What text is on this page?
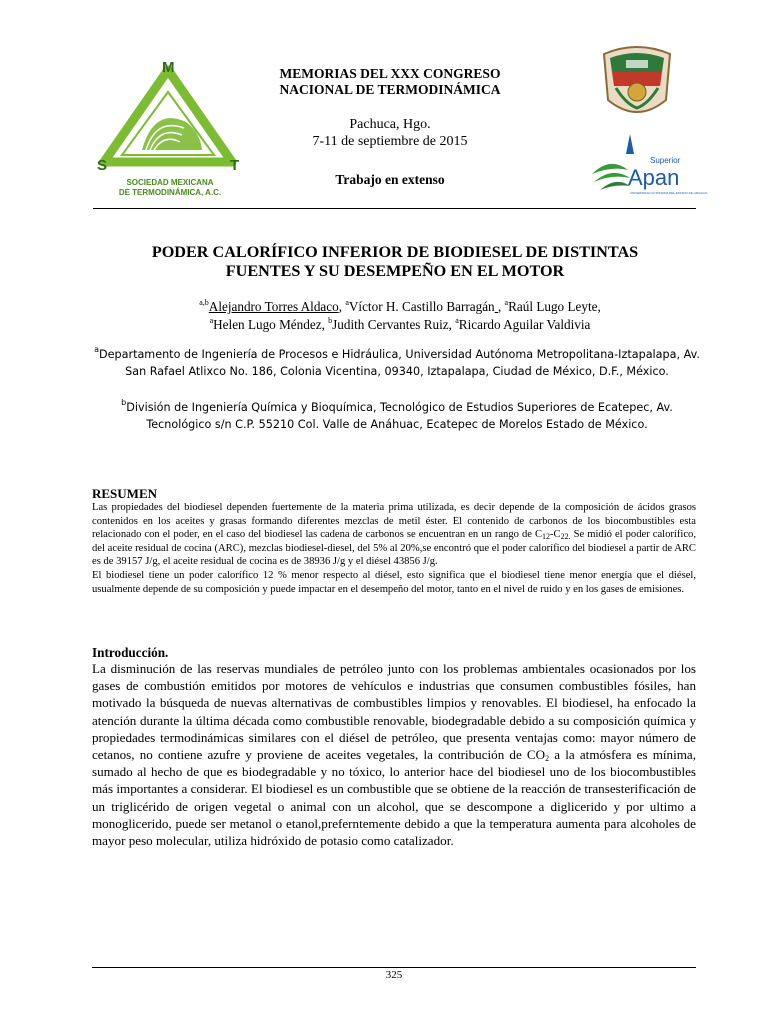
M
S	T
SOCIEDAD MEXICANA
DE TERMODINÁMICA, A.C.
MEMORIAS DEL XXX CONGRESO
NACIONAL DE TERMODINÁMICA
Pachuca, Hgo.
7-11 de septiembre de 2015
Trabajo en extenso
Superior
Apan
UNIVERSIDAD AUTÓNOMA DEL ESTADO DE HIDALGO
PODER CALORÍFICO INFERIOR DE BIODIESEL DE DISTINTAS
FUENTES Y SU DESEMPEÑO EN EL MOTOR
$^{a,b}$Alejandro Torres Aldaco, $^a$Víctor H. Castillo Barragán , $^a$Raúl Lugo Leyte,
$^a$Helen Lugo Méndez, $^b$Judith Cervantes Ruiz, $^a$Ricardo Aguilar Valdivia
$^a$Departamento de Ingeniería de Procesos e Hidráulica, Universidad Autónoma Metropolitana-Iztapalapa, Av. San Rafael Atlixco No. 186, Colonia Vicentina, 09340, Iztapalapa, Ciudad de México, D.F., México.
$^b$División de Ingeniería Química y Bioquímica, Tecnológico de Estudios Superiores de Ecatepec, Av. Tecnológico s/n C.P. 55210 Col. Valle de Anáhuac, Ecatepec de Morelos Estado de México.
RESUMEN

Las propiedades del biodiesel dependen fuertemente de la materia prima utilizada, es decir depende de la composición de ácidos grasos contenidos en los aceites y grasas formando diferentes mezclas de metil éster. El contenido de carbonos de los biocombustibles esta relacionado con el poder, en el caso del biodiesel las cadena de carbonos se encuentran en un rango de $C_{12}-C_{22.}$ Se midió el poder calorífico, del aceite residual de cocina (ARC), mezclas biodiesel-diesel, del 5% al 20%,se encontró que el poder calorífico del biodiesel a partir de ARC es de 39157 J/g, el aceite residual de cocina es de 38936 J/g y el diésel 43856 J/g.

El biodiesel tiene un poder calorífico 12 % menor respecto al diésel, esto significa que el biodiesel tiene menor energía que el diésel, usualmente depende de su composición y puede impactar en el desempeño del motor, tanto en el nivel de ruido y en los gases de emisiones.

Introducción.
La disminución de las reservas mundiales de petróleo junto con los problemas ambientales ocasionados por los gases de combustión emitidos por motores de vehículos e industrias que consumen combustibles fósiles, han motivado la búsqueda de nuevas alternativas de combustibles limpios y renovables. El biodiesel, ha enfocado la atención durante la última década como combustible renovable, biodegradable debido a su composición química y propiedades termodinámicas similares con el diésel de petróleo, que presenta ventajas como: mayor número de cetanos, no contiene azufre y proviene de aceites vegetales, la contribución de $CO_2$ a la atmósfera es mínima, sumado al hecho de que es biodegradable y no tóxico, lo anterior hace del biodiesel uno de los biocombustibles más importantes a considerar. El biodiesel es un combustible que se obtiene de la reacción de transesterificación de un triglicérido de origen vegetal o animal con un alcohol, que se descompone a diglicerido y por ultimo a monoglicerido, puede ser metanol o etanol,preferntemente debido a que la temperatura aumenta para alcoholes de mayor peso molecular, utiliza hidróxido de potasio como catalizador.
325
